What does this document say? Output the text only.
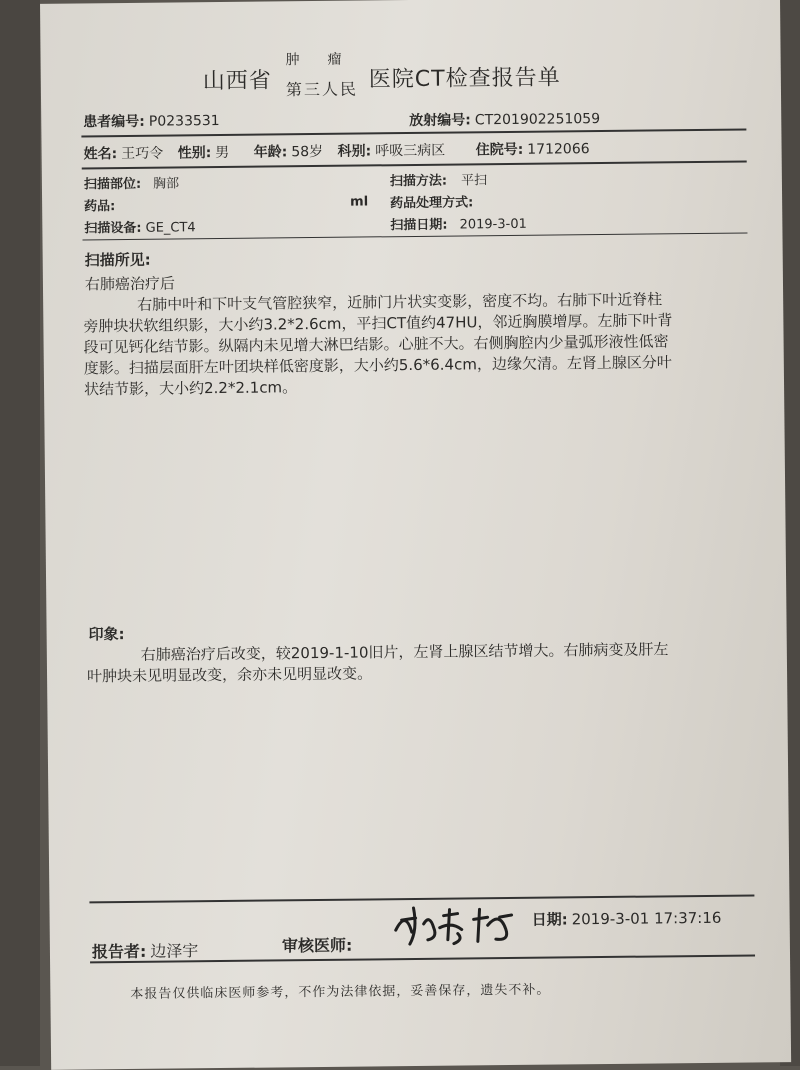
山西省
肿瘤
第三人民 医院CT检查报告单
患者编号: P0233531	放射编号: CT201902251059
姓名: 王巧令 性别: 男 年龄: 58岁 科别: 呼吸三病区 住院号: 1712066
扫描部位: 胸部	扫描方法: 平扫
药品:	ml 药品处理方式:
扫描设备: GE_CT4	扫描日期: 2019-3-01
扫描所见:
右肺癌治疗后
右肺中叶和下叶支气管腔狭窄，近肺门片状实变影，密度不均。右肺下叶近脊柱旁肿块状软组织影，大小约3.2*2.6cm，平扫CT值约47HU，邻近胸膜增厚。左肺下叶背段可见钙化结节影。纵隔内未见增大淋巴结影。心脏不大。右侧胸腔内少量弧形液性低密度影。扫描层面肝左叶团块样低密度影，大小约5.6*6.4cm，边缘欠清。左肾上腺区分叶状结节影，大小约2.2*2.1cm。
印象:
右肺癌治疗后改变，较2019-1-10旧片，左肾上腺区结节增大。右肺病变及肝左叶肿块未见明显改变，余亦未见明显改变。
报告者: 边泽宇	审核医师:
日期: 2019-3-01 17:37:16
本报告仅供临床医师参考，不作为法律依据，妥善保存，遗失不补。
